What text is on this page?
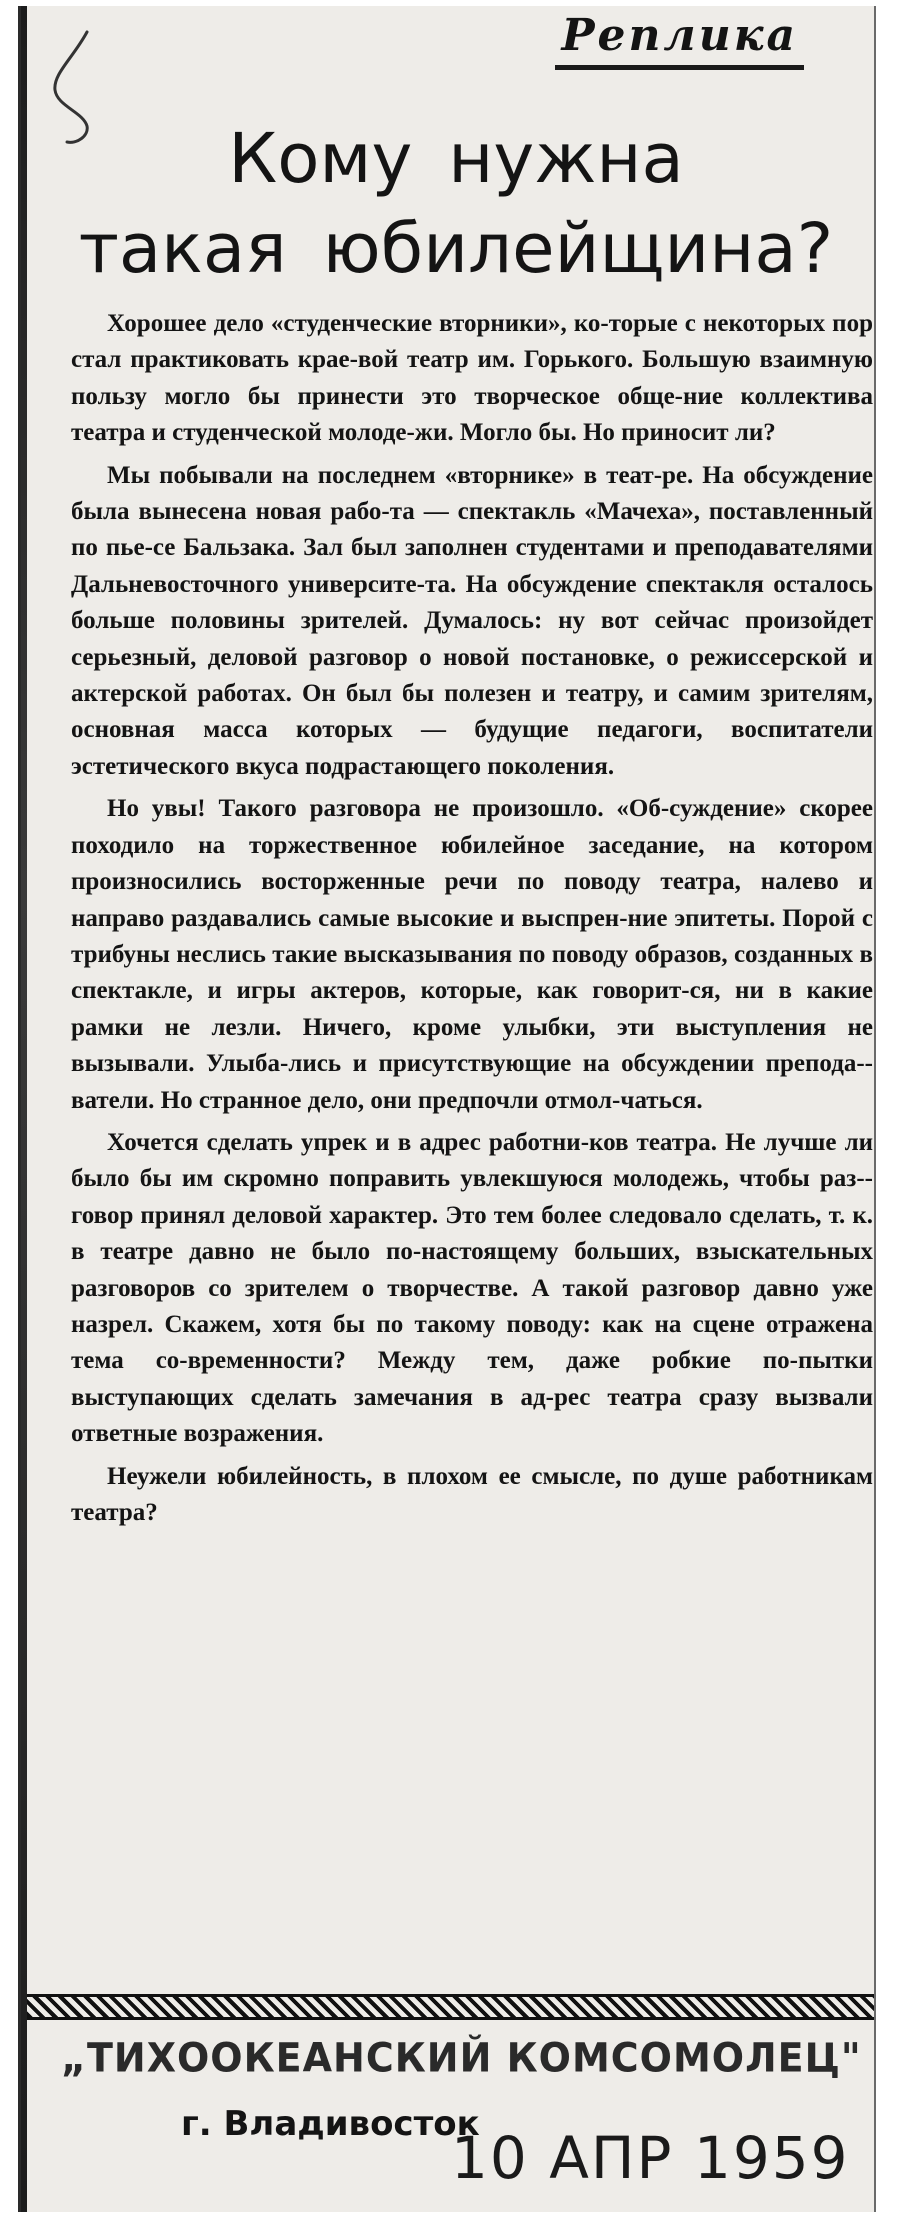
Реплика
Кому нужна
такая юбилейщина?

Хорошее дело «студенческие вторники», ко-торые с некоторых пор стал практиковать крае-вой театр им. Горького. Большую взаимную пользу могло бы принести это творческое обще-ние коллектива театра и студенческой молоде-жи. Могло бы. Но приносит ли?

Мы побывали на последнем «вторнике» в теат-ре. На обсуждение была вынесена новая рабо-та — спектакль «Мачеха», поставленный по пье-се Бальзака. Зал был заполнен студентами и преподавателями Дальневосточного университе-та. На обсуждение спектакля осталось больше половины зрителей. Думалось: ну вот сейчас произойдет серьезный, деловой разговор о новой постановке, о режиссерской и актерской работах. Он был бы полезен и театру, и самим зрителям, основная масса которых — будущие педагоги, воспитатели эстетического вкуса подрастающего поколения.

Но увы! Такого разговора не произошло. «Об-суждение» скорее походило на торжественное юбилейное заседание, на котором произносились восторженные речи по поводу театра, налево и направо раздавались самые высокие и выспрен-ние эпитеты. Порой с трибуны неслись такие высказывания по поводу образов, созданных в спектакле, и игры актеров, которые, как говорит-ся, ни в какие рамки не лезли. Ничего, кроме улыбки, эти выступления не вызывали. Улыба-лись и присутствующие на обсуждении препода-ватели. Но странное дело, они предпочли отмол-чаться.

Хочется сделать упрек и в адрес работни-ков театра. Не лучше ли было бы им скромно поправить увлекшуюся молодежь, чтобы раз-говор принял деловой характер. Это тем более следовало сделать, т. к. в театре давно не было по-настоящему больших, взыскательных разговоров со зрителем о творчестве. А такой разговор давно уже назрел. Скажем, хотя бы по такому поводу: как на сцене отражена тема со-временности? Между тем, даже робкие по-пытки выступающих сделать замечания в ад-рес театра сразу вызвали ответные возражения.

Неужели юбилейность, в плохом ее смысле, по душе работникам театра?

„ТИХООКЕАНСКИЙ КОМСОМОЛЕЦ"
г. Владивосток
10 АПР 1959
